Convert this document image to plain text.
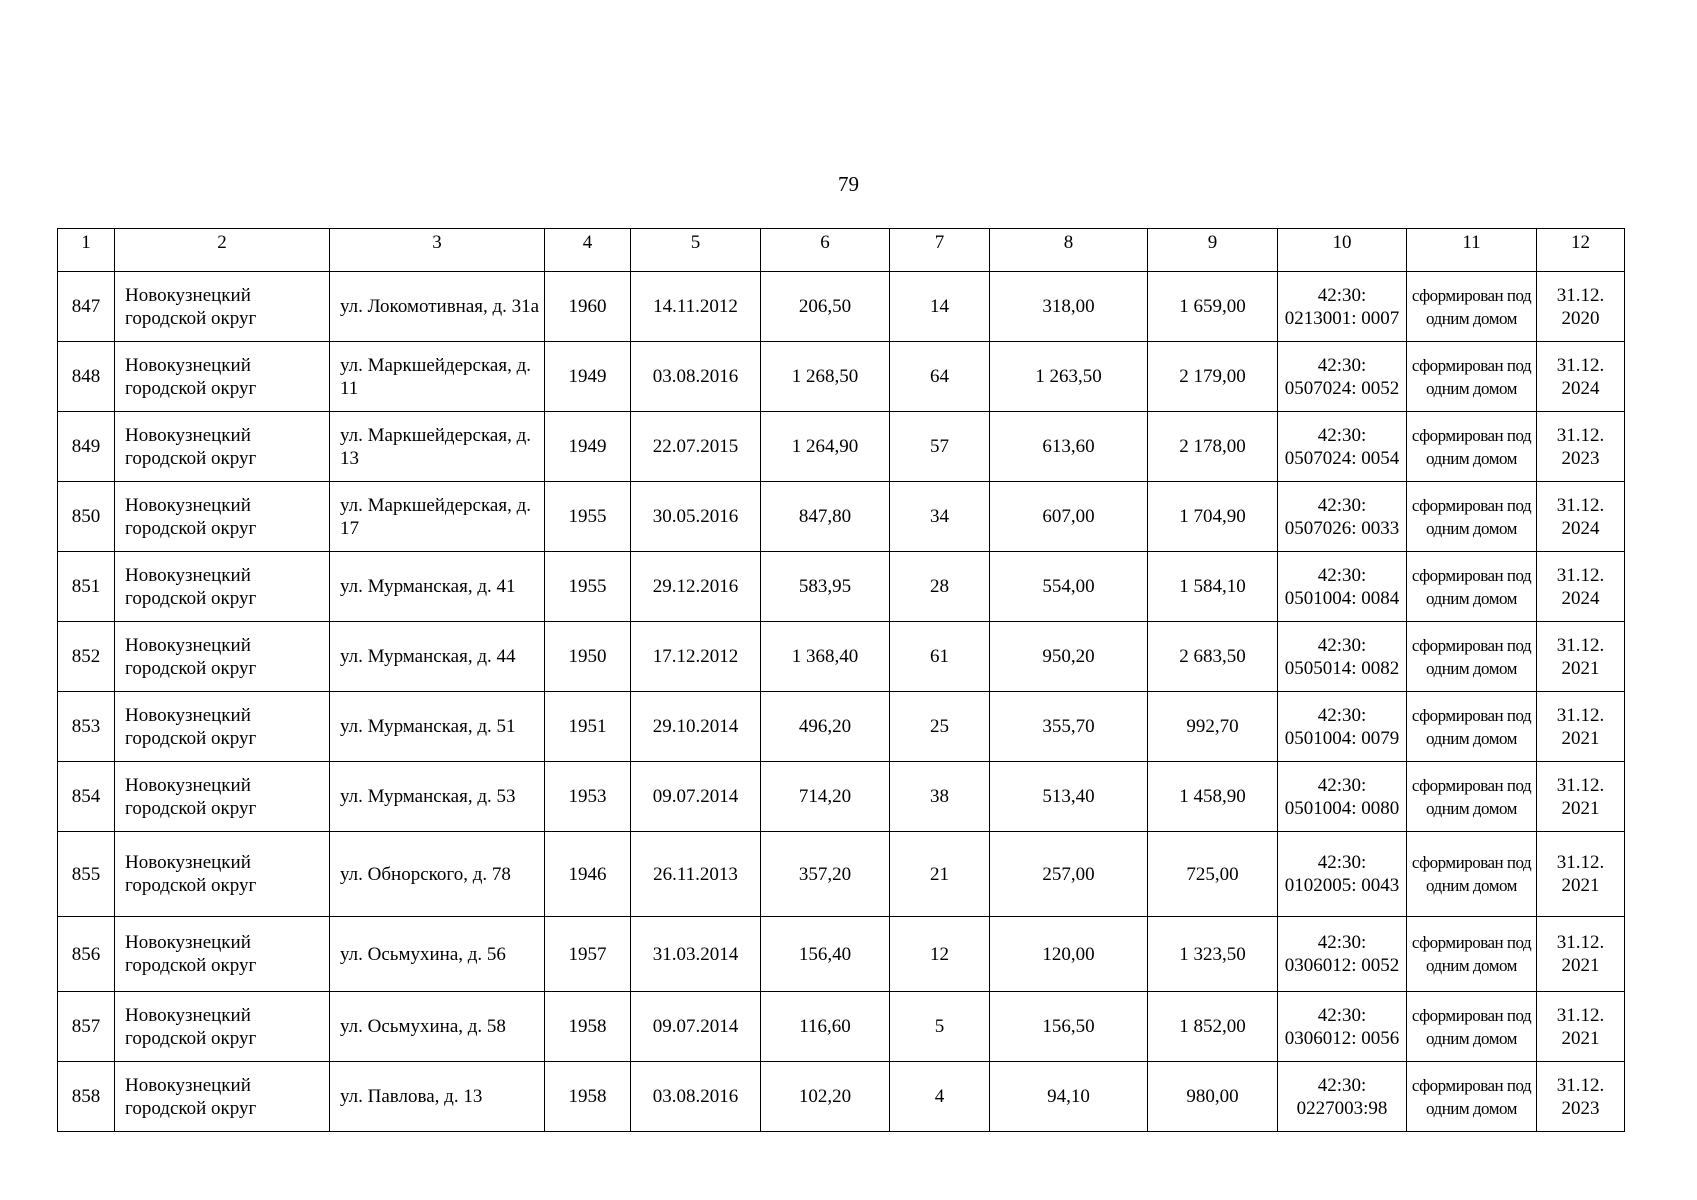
79
1	2	3	4	5	6	7	8	9	10	11	12
847	Новокузнецкий городской округ	ул. Локомотивная, д. 31а	1960	14.11.2012	206,50	14	318,00	1 659,00	42:30: 0213001: 0007	сформирован под одним домом	31.12. 2020
848	Новокузнецкий городской округ	ул. Маркшейдерская, д. 11	1949	03.08.2016	1 268,50	64	1 263,50	2 179,00	42:30: 0507024: 0052	сформирован под одним домом	31.12. 2024
849	Новокузнецкий городской округ	ул. Маркшейдерская, д. 13	1949	22.07.2015	1 264,90	57	613,60	2 178,00	42:30: 0507024: 0054	сформирован под одним домом	31.12. 2023
850	Новокузнецкий городской округ	ул. Маркшейдерская, д. 17	1955	30.05.2016	847,80	34	607,00	1 704,90	42:30: 0507026: 0033	сформирован под одним домом	31.12. 2024
851	Новокузнецкий городской округ	ул. Мурманская, д. 41	1955	29.12.2016	583,95	28	554,00	1 584,10	42:30: 0501004: 0084	сформирован под одним домом	31.12. 2024
852	Новокузнецкий городской округ	ул. Мурманская, д. 44	1950	17.12.2012	1 368,40	61	950,20	2 683,50	42:30: 0505014: 0082	сформирован под одним домом	31.12. 2021
853	Новокузнецкий городской округ	ул. Мурманская, д. 51	1951	29.10.2014	496,20	25	355,70	992,70	42:30: 0501004: 0079	сформирован под одним домом	31.12. 2021
854	Новокузнецкий городской округ	ул. Мурманская, д. 53	1953	09.07.2014	714,20	38	513,40	1 458,90	42:30: 0501004: 0080	сформирован под одним домом	31.12. 2021
855	Новокузнецкий городской округ	ул. Обнорского, д. 78	1946	26.11.2013	357,20	21	257,00	725,00	42:30: 0102005: 0043	сформирован под одним домом	31.12. 2021
856	Новокузнецкий городской округ	ул. Осьмухина, д. 56	1957	31.03.2014	156,40	12	120,00	1 323,50	42:30: 0306012: 0052	сформирован под одним домом	31.12. 2021
857	Новокузнецкий городской округ	ул. Осьмухина, д. 58	1958	09.07.2014	116,60	5	156,50	1 852,00	42:30: 0306012: 0056	сформирован под одним домом	31.12. 2021
858	Новокузнецкий городской округ	ул. Павлова, д. 13	1958	03.08.2016	102,20	4	94,10	980,00	42:30: 0227003:98	сформирован под одним домом	31.12. 2023
